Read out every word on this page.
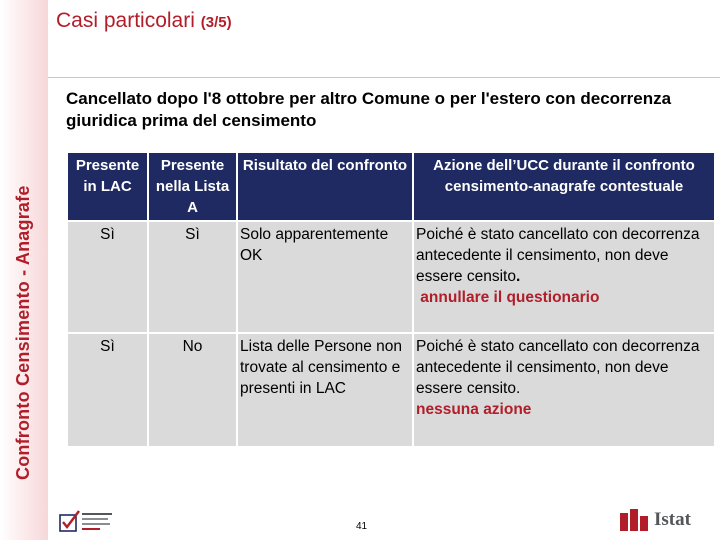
Confronto Censimento - Anagrafe
Casi particolari (3/5)
Cancellato dopo l'8 ottobre per altro Comune o per l'estero con decorrenza giuridica prima del censimento
Presente in LAC	Presente nella Lista A	Risultato del confronto	Azione dell’UCC durante il confronto censimento-anagrafe contestuale
Sì	Sì	Solo apparentemente OK	Poiché è stato cancellato con decorrenza antecedente il censimento, non deve essere censito.
annullare il questionario
Sì	No	Lista delle Persone non trovate al censimento e presenti in LAC	Poiché è stato cancellato con decorrenza antecedente il censimento, non deve essere censito.
nessuna azione
41	Istat
